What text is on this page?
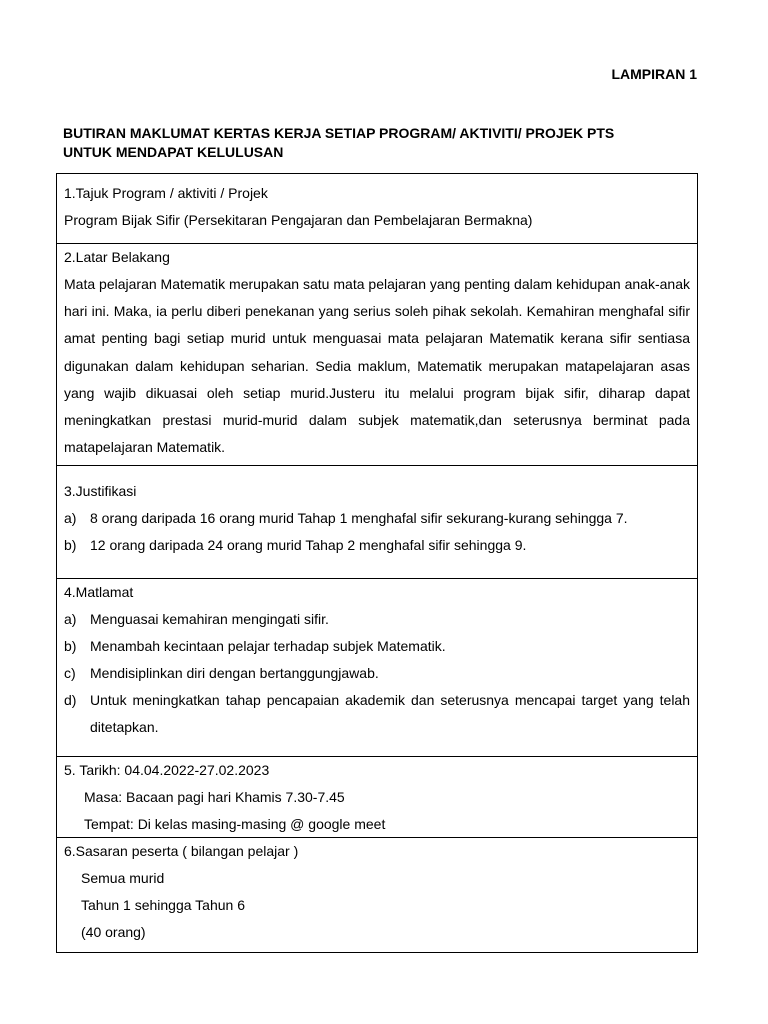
LAMPIRAN 1
BUTIRAN MAKLUMAT KERTAS KERJA SETIAP PROGRAM/ AKTIVITI/ PROJEK PTS
UNTUK MENDAPAT KELULUSAN

1.Tajuk Program / aktiviti / Projek

Program Bijak Sifir (Persekitaran Pengajaran dan Pembelajaran Bermakna)

2.Latar Belakang

Mata pelajaran Matematik merupakan satu mata pelajaran yang penting dalam kehidupan anak-anak hari ini. Maka, ia perlu diberi penekanan yang serius soleh pihak sekolah. Kemahiran menghafal sifir amat penting bagi setiap murid untuk menguasai mata pelajaran Matematik kerana sifir sentiasa digunakan dalam kehidupan seharian. Sedia maklum, Matematik merupakan matapelajaran asas yang wajib dikuasai oleh setiap murid.Justeru itu melalui program bijak sifir, diharap dapat meningkatkan prestasi murid-murid dalam subjek matematik,dan seterusnya berminat pada matapelajaran Matematik.

3.Justifikasi

a) 8 orang daripada 16 orang murid Tahap 1 menghafal sifir sekurang-kurang sehingga 7.
b) 12 orang daripada 24 orang murid Tahap 2 menghafal sifir sehingga 9.

4.Matlamat

a) Menguasai kemahiran mengingati sifir.
b) Menambah kecintaan pelajar terhadap subjek Matematik.
c)	Mendisiplinkan diri dengan bertanggungjawab.
d) Untuk meningkatkan tahap pencapaian akademik dan seterusnya mencapai target yang telah ditetapkan.

5. Tarikh: 04.04.2022-27.02.2023

Masa: Bacaan pagi hari Khamis 7.30-7.45

Tempat: Di kelas masing-masing @ google meet

6.Sasaran peserta ( bilangan pelajar )

Semua murid

Tahun 1 sehingga Tahun 6

(40 orang)
